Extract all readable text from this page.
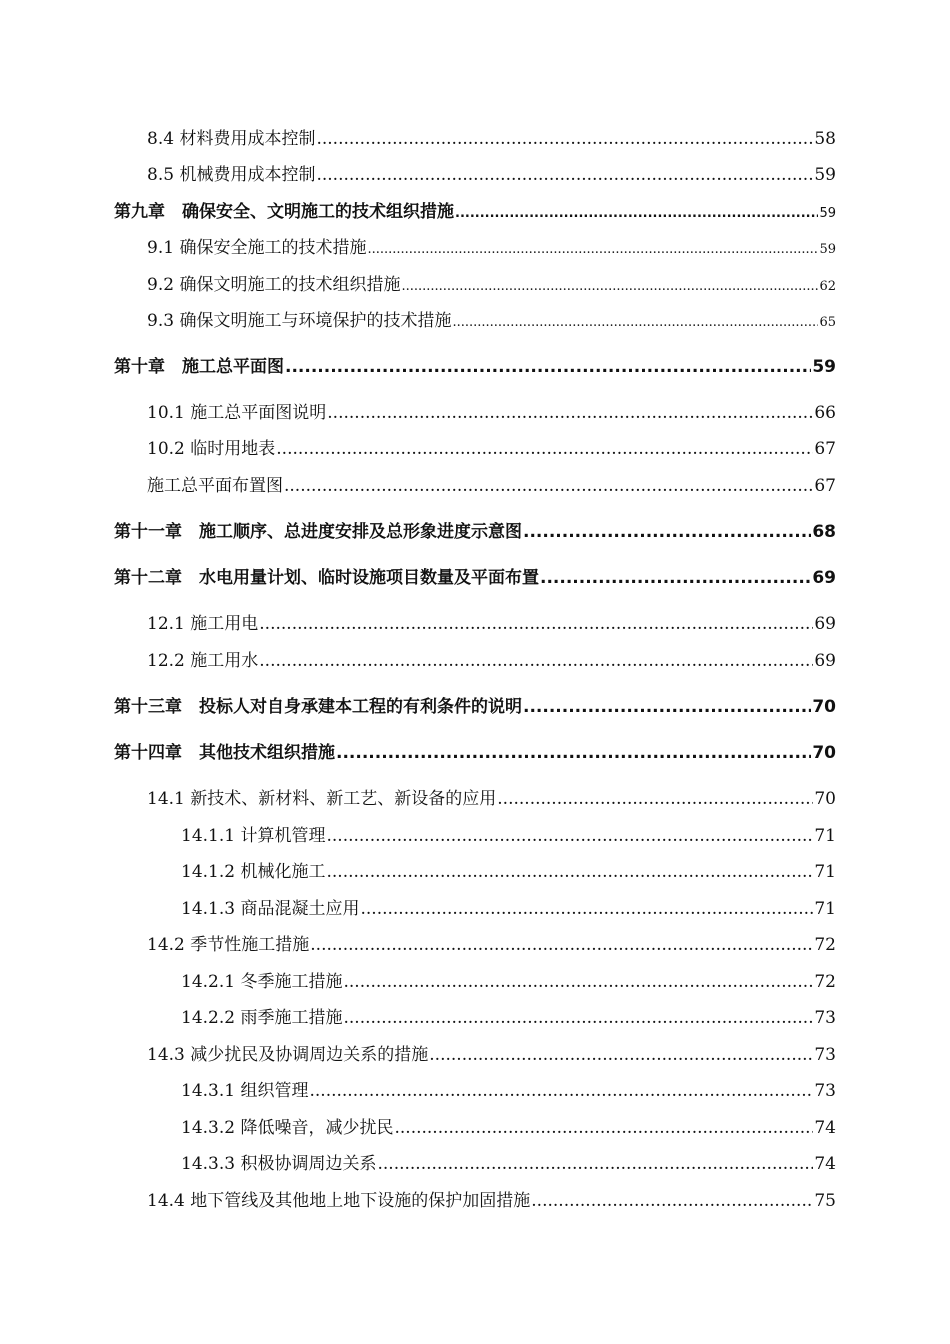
8.4 材料费用成本控制 .....	58
8.5 机械费用成本控制 .....	59
第九章　确保安全、文明施工的技术组织措施 .....	59
9.1 确保安全施工的技术措施 .....	59
9.2 确保文明施工的技术组织措施 .....	62
9.3 确保文明施工与环境保护的技术措施 .....	65
第十章　施工总平面图 .....	59
10.1 施工总平面图说明 .....	66
10.2 临时用地表 .....	67
施工总平面布置图 .....	67
第十一章　施工顺序、总进度安排及总形象进度示意图 .....	68
第十二章　水电用量计划、临时设施项目数量及平面布置 .....	69
12.1 施工用电 .....	69
12.2 施工用水 .....	69
第十三章　投标人对自身承建本工程的有利条件的说明 .....	70
第十四章　其他技术组织措施 .....	70
14.1 新技术、新材料、新工艺、新设备的应用 .....	70
14.1.1 计算机管理 .....	71
14.1.2 机械化施工 .....	71
14.1.3 商品混凝土应用 .....	71
14.2 季节性施工措施 .....	72
14.2.1 冬季施工措施 .....	72
14.2.2 雨季施工措施 .....	73
14.3 减少扰民及协调周边关系的措施 .....	73
14.3.1 组织管理 .....	73
14.3.2 降低噪音，减少扰民 .....	74
14.3.3 积极协调周边关系 .....	74
14.4 地下管线及其他地上地下设施的保护加固措施 .....	75
